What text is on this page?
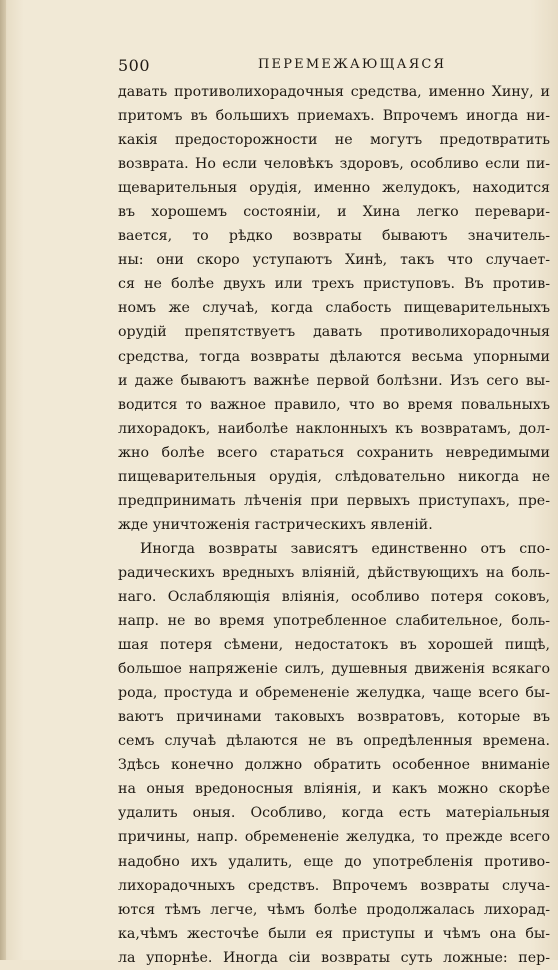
500	ПЕРЕМЕЖАЮЩАЯСЯ
давать противолихорадочныя средства, именно Хину, и
притомъ въ большихъ приемахъ. Впрочемъ иногда ни-
какія предосторожности не могутъ предотвратить
возврата. Но если человѣкъ здоровъ, особливо если пи-
щеварительныя орудія, именно желудокъ, находится
въ хорошемъ состояніи, и Хина легко перевари-
вается, то рѣдко возвраты бываютъ значитель-
ны: они скоро уступаютъ Хинѣ, такъ что случает-
ся не болѣе двухъ или трехъ приступовъ. Въ против-
номъ же случаѣ, когда слабость пищеварительныхъ
орудій препятствуетъ давать противолихорадочныя
средства, тогда возвраты дѣлаются весьма упорными
и даже бываютъ важнѣе первой болѣзни. Изъ сего вы-
водится то важное правило, что во время повальныхъ
лихорадокъ, наиболѣе наклонныхъ къ возвратамъ, дол-
жно болѣе всего стараться сохранить невредимыми
пищеварительныя орудія, слѣдовательно никогда не
предпринимать лѣченія при первыхъ приступахъ, пре-
жде уничтоженія гастрическихъ явленій.
Иногда возвраты зависятъ единственно отъ спо-
радическихъ вредныхъ вліяній, дѣйствующихъ на боль-
наго. Ослабляющія вліянія, особливо потеря соковъ,
напр. не во время употребленное слабительное, боль-
шая потеря сѣмени, недостатокъ въ хорошей пищѣ,
большое напряженіе силъ, душевныя движенія всякаго
рода, простуда и обремененіе желудка, чаще всего бы-
ваютъ причинами таковыхъ возвратовъ, которые въ
семъ случаѣ дѣлаются не въ опредѣленныя времена.
Здѣсь конечно должно обратить особенное вниманіе
на оныя вредоносныя вліянія, и какъ можно скорѣе
удалить оныя. Особливо, когда есть матеріальныя
причины, напр. обремененіе желудка, то прежде всего
надобно ихъ удалить, еще до употребленія противо-
лихорадочныхъ средствъ. Впрочемъ возвраты случа-
ются тѣмъ легче, чѣмъ болѣе продолжалась лихорад-
ка,чѣмъ жесточѣе были ея приступы и чѣмъ она бы-
ла упорнѣе. Иногда сіи возвраты суть ложные: пер-
